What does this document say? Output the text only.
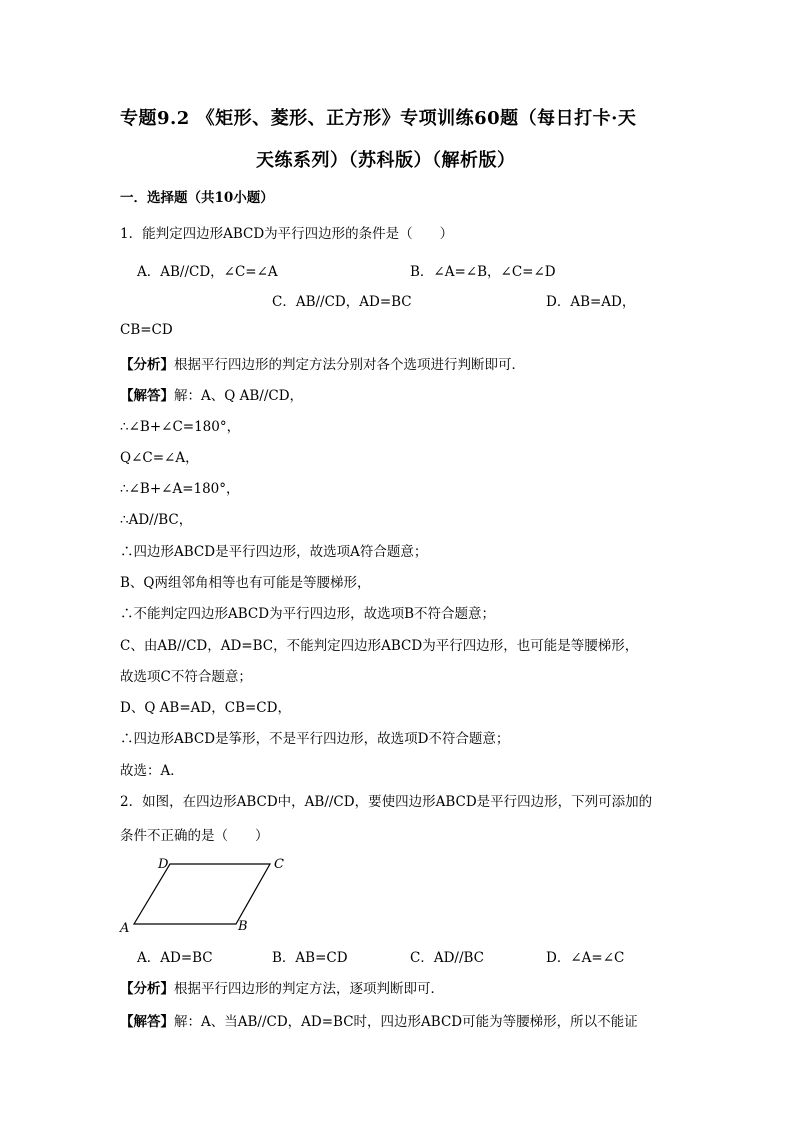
专题9.2 《矩形、菱形、正方形》专项训练60题（每日打卡·天
天练系列）（苏科版）（解析版）
一．选择题（共10小题）
1．能判定四边形ABCD为平行四边形的条件是（　　）
A．AB//CD，∠C=∠A	B．∠A=∠B，∠C=∠D
C．AB//CD，AD=BC	D．AB=AD，
CB=CD
【分析】根据平行四边形的判定方法分别对各个选项进行判断即可．
【解答】解：A、Q AB//CD，
∴∠B+∠C=180°，
Q∠C=∠A，
∴∠B+∠A=180°，
∴AD//BC，
∴四边形ABCD是平行四边形，故选项A符合题意；
B、Q两组邻角相等也有可能是等腰梯形，
∴不能判定四边形ABCD为平行四边形，故选项B不符合题意；
C、由AB//CD，AD=BC，不能判定四边形ABCD为平行四边形，也可能是等腰梯形，
故选项C不符合题意；
D、Q AB=AD，CB=CD，
∴四边形ABCD是筝形，不是平行四边形，故选项D不符合题意；
故选：A．
2．如图，在四边形ABCD中，AB//CD，要使四边形ABCD是平行四边形，下列可添加的
条件不正确的是（　　）
D	C
A	B
A．AD=BC	B．AB=CD	C．AD//BC	D．∠A=∠C
【分析】根据平行四边形的判定方法，逐项判断即可．
【解答】解：A、当AB//CD，AD=BC时，四边形ABCD可能为等腰梯形，所以不能证
